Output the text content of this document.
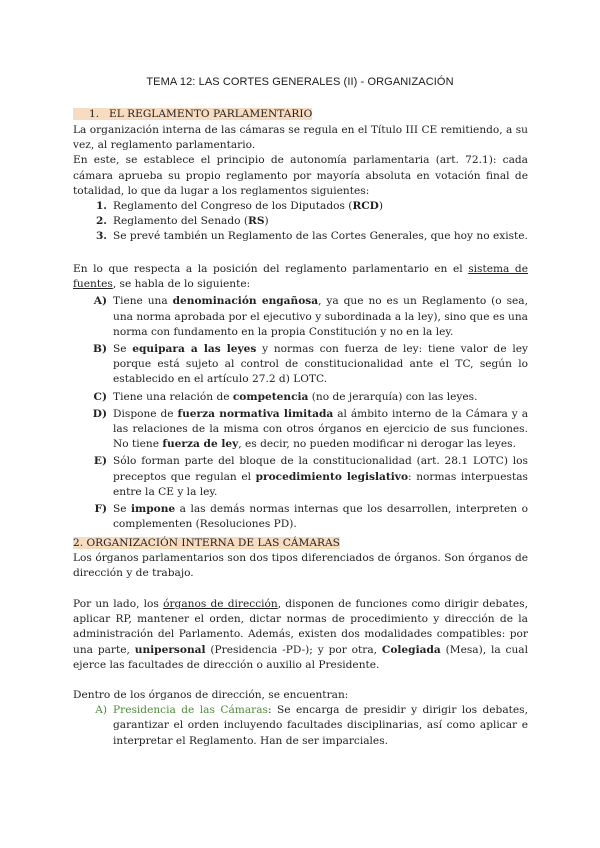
TEMA 12: LAS CORTES GENERALES (II) - ORGANIZACIÓN

1. EL REGLAMENTO PARLAMENTARIO

La organización interna de las cámaras se regula en el Título III CE remitiendo, a su vez, al reglamento parlamentario.

En este, se establece el principio de autonomía parlamentaria (art. 72.1): cada cámara aprueba su propio reglamento por mayoría absoluta en votación final de totalidad, lo que da lugar a los reglamentos siguientes:

1. Reglamento del Congreso de los Diputados (RCD)
2. Reglamento del Senado (RS)
3. Se prevé también un Reglamento de las Cortes Generales, que hoy no existe.

En lo que respecta a la posición del reglamento parlamentario en el sistema de fuentes, se habla de lo siguiente:

A) Tiene una denominación engañosa, ya que no es un Reglamento (o sea, una norma aprobada por el ejecutivo y subordinada a la ley), sino que es una norma con fundamento en la propia Constitución y no en la ley.
B) Se equipara a las leyes y normas con fuerza de ley: tiene valor de ley porque está sujeto al control de constitucionalidad ante el TC, según lo establecido en el artículo 27.2 d) LOTC.
C) Tiene una relación de competencia (no de jerarquía) con las leyes.
D) Dispone de fuerza normativa limitada al ámbito interno de la Cámara y a las relaciones de la misma con otros órganos en ejercicio de sus funciones. No tiene fuerza de ley, es decir, no pueden modificar ni derogar las leyes.
E) Sólo forman parte del bloque de la constitucionalidad (art. 28.1 LOTC) los preceptos que regulan el procedimiento legislativo: normas interpuestas entre la CE y la ley.
F) Se impone a las demás normas internas que los desarrollen, interpreten o complementen (Resoluciones PD).

2. ORGANIZACIÓN INTERNA DE LAS CÁMARAS

Los órganos parlamentarios son dos tipos diferenciados de órganos. Son órganos de dirección y de trabajo.

Por un lado, los órganos de dirección, disponen de funciones como dirigir debates, aplicar RP, mantener el orden, dictar normas de procedimiento y dirección de la administración del Parlamento. Además, existen dos modalidades compatibles: por una parte, unipersonal (Presidencia -PD-); y por otra, Colegiada (Mesa), la cual ejerce las facultades de dirección o auxilio al Presidente.

Dentro de los órganos de dirección, se encuentran:

A) Presidencia de las Cámaras: Se encarga de presidir y dirigir los debates, garantizar el orden incluyendo facultades disciplinarias, así como aplicar e interpretar el Reglamento. Han de ser imparciales.
